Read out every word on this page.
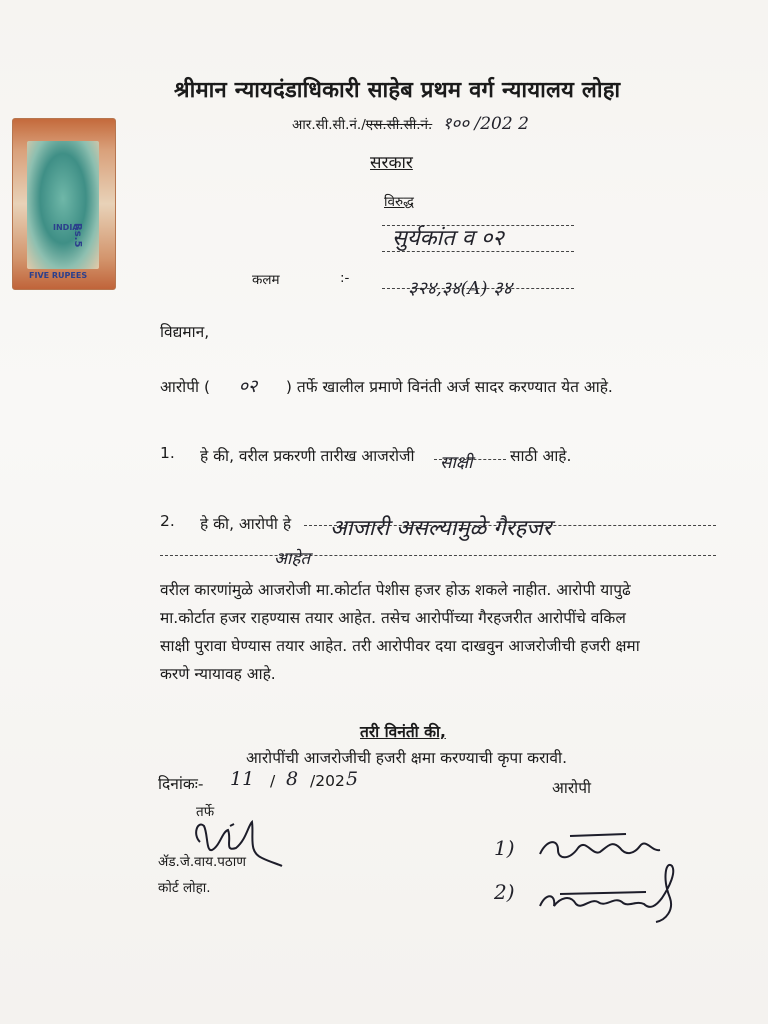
श्रीमान न्यायदंडाधिकारी साहेब प्रथम वर्ग न्यायालय लोहा
आर.सी.सी.नं./एस.सी.सी.नं. १०० /202 2
Rs.5
FIVE RUPEES
INDIA
सरकार
विरुद्ध
सुर्यकांत व ०२
कलम	:-	३२४,३४(A) ३४
विद्यमान,
आरोपी ( ०२ ) तर्फे खालील प्रमाणे विनंती अर्ज सादर करण्यात येत आहे.
1. हे की, वरील प्रकरणी तारीख आजरोजी साक्षी साठी आहे.
2. हे की, आरोपी हे आजारी असल्यामुळे गैरहजर
आहेत
वरील कारणांमुळे आजरोजी मा.कोर्टात पेशीस हजर होऊ शकले नाहीत. आरोपी यापुढे
मा.कोर्टात हजर राहण्यास तयार आहेत. तसेच आरोपींच्या गैरहजरीत आरोपींचे वकिल
साक्षी पुरावा घेण्यास तयार आहेत. तरी आरोपीवर दया दाखवुन आजरोजीची हजरी क्षमा
करणे न्यायावह आहे.
तरी विनंती की,
आरोपींची आजरोजीची हजरी क्षमा करण्याची कृपा करावी.
दिनांकः- 11 / 8 /202 5	आरोपी
तर्फे
ॲड.जे.वाय.पठाण
कोर्ट लोहा.
1)
2)
